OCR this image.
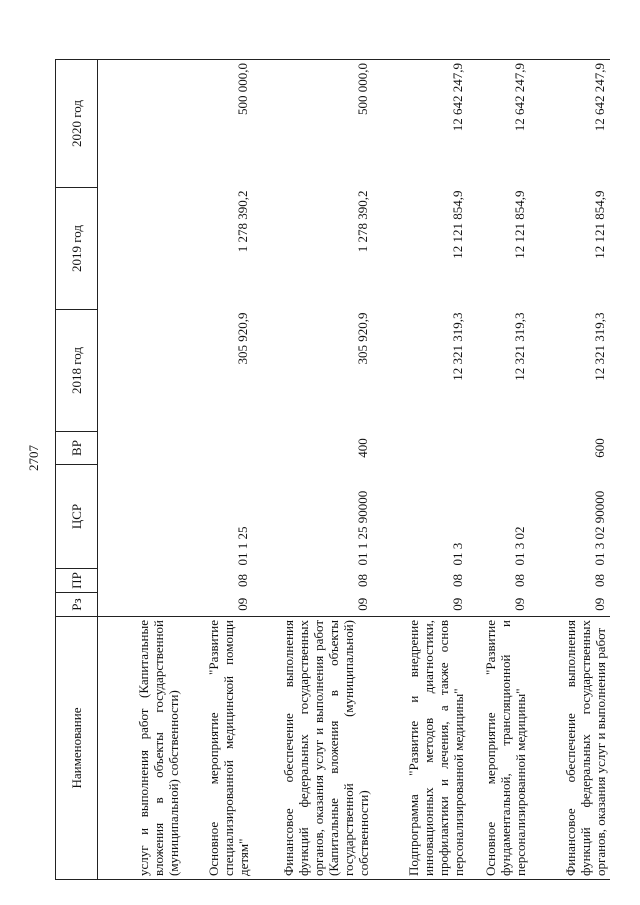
2707
Наименование	Рз	ПР	ЦСР	ВР	2018 год	2019 год	2020 год
услуг и выполнения работ (Капитальные вложения в объекты государственной (муниципальной) собственности)							
Основное мероприятие "Развитие специализированной медицинской помощи детям"	09	08	01 1 25		305 920,9	1 278 390,2	500 000,0
Финансовое обеспечение выполнения функций федеральных государственных органов, оказания услуг и выполнения работ (Капитальные вложения в объекты государственной (муниципальной) собственности)	09	08	01 1 25 90000	400	305 920,9	1 278 390,2	500 000,0
Подпрограмма "Развитие и внедрение инновационных методов диагностики, профилактики и лечения, а также основ персонализированной медицины"	09	08	01 3		12 321 319,3	12 121 854,9	12 642 247,9
Основное мероприятие "Развитие фундаментальной, трансляционной и персонализированной медицины"	09	08	01 3 02		12 321 319,3	12 121 854,9	12 642 247,9
Финансовое обеспечение выполнения функций федеральных государственных органов, оказания услуг и выполнения работ	09	08	01 3 02 90000	600	12 321 319,3	12 121 854,9	12 642 247,9
